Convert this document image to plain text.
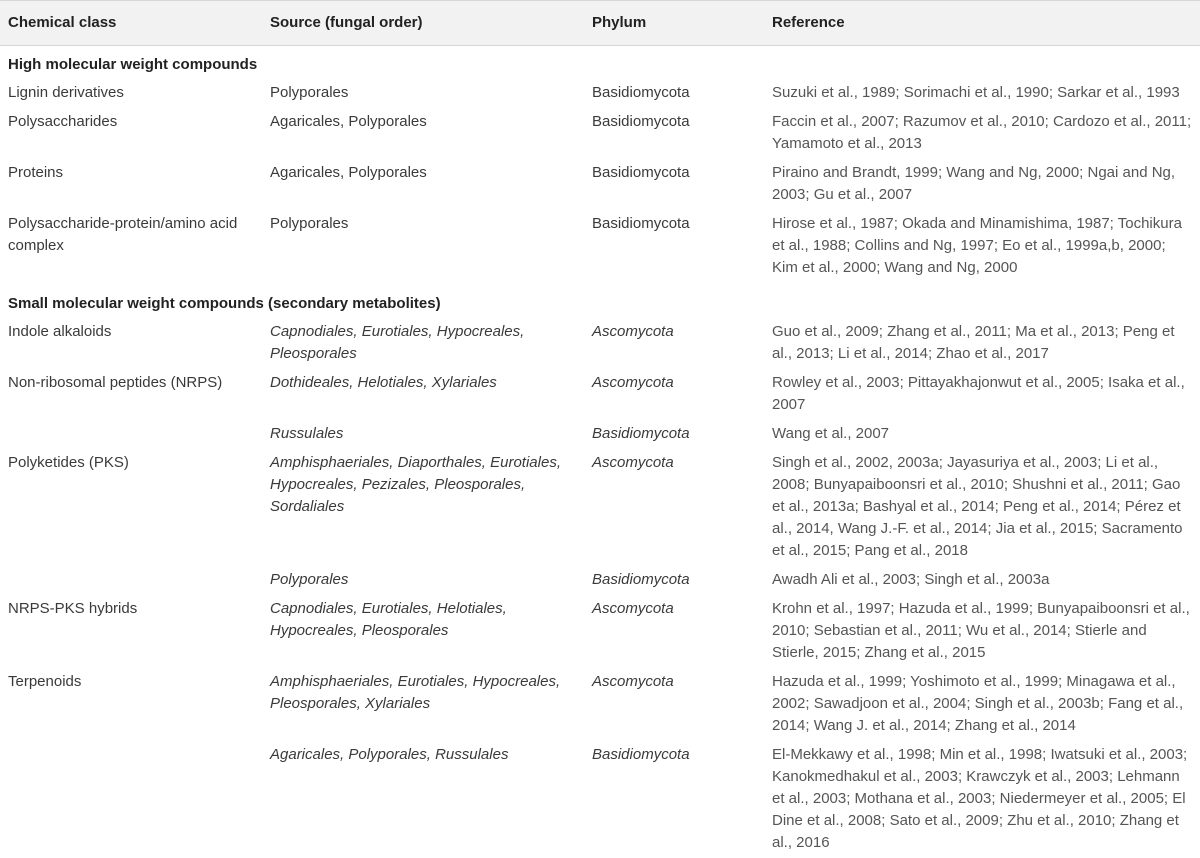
Chemical class	Source (fungal order)	Phylum	Reference
High molecular weight compounds			
Lignin derivatives	Polyporales	Basidiomycota	Suzuki et al., 1989; Sorimachi et al., 1990; Sarkar et al., 1993
Polysaccharides	Agaricales, Polyporales	Basidiomycota	Faccin et al., 2007; Razumov et al., 2010; Cardozo et al., 2011; Yamamoto et al., 2013
Proteins	Agaricales, Polyporales	Basidiomycota	Piraino and Brandt, 1999; Wang and Ng, 2000; Ngai and Ng, 2003; Gu et al., 2007
Polysaccharide-protein/amino acid complex	Polyporales	Basidiomycota	Hirose et al., 1987; Okada and Minamishima, 1987; Tochikura et al., 1988; Collins and Ng, 1997; Eo et al., 1999a,b, 2000; Kim et al., 2000; Wang and Ng, 2000
Small molecular weight compounds (secondary metabolites)			
Indole alkaloids	Capnodiales, Eurotiales, Hypocreales, Pleosporales	Ascomycota	Guo et al., 2009; Zhang et al., 2011; Ma et al., 2013; Peng et al., 2013; Li et al., 2014; Zhao et al., 2017
Non-ribosomal peptides (NRPS)	Dothideales, Helotiales, Xylariales	Ascomycota	Rowley et al., 2003; Pittayakhajonwut et al., 2005; Isaka et al., 2007
	Russulales	Basidiomycota	Wang et al., 2007
Polyketides (PKS)	Amphisphaeriales, Diaporthales, Eurotiales, Hypocreales, Pezizales, Pleosporales, Sordaliales	Ascomycota	Singh et al., 2002, 2003a; Jayasuriya et al., 2003; Li et al., 2008; Bunyapaiboonsri et al., 2010; Shushni et al., 2011; Gao et al., 2013a; Bashyal et al., 2014; Peng et al., 2014; Pérez et al., 2014, Wang J.-F. et al., 2014; Jia et al., 2015; Sacramento et al., 2015; Pang et al., 2018
	Polyporales	Basidiomycota	Awadh Ali et al., 2003; Singh et al., 2003a
NRPS-PKS hybrids	Capnodiales, Eurotiales, Helotiales, Hypocreales, Pleosporales	Ascomycota	Krohn et al., 1997; Hazuda et al., 1999; Bunyapaiboonsri et al., 2010; Sebastian et al., 2011; Wu et al., 2014; Stierle and Stierle, 2015; Zhang et al., 2015
Terpenoids	Amphisphaeriales, Eurotiales, Hypocreales, Pleosporales, Xylariales	Ascomycota	Hazuda et al., 1999; Yoshimoto et al., 1999; Minagawa et al., 2002; Sawadjoon et al., 2004; Singh et al., 2003b; Fang et al., 2014; Wang J. et al., 2014; Zhang et al., 2014
	Agaricales, Polyporales, Russulales	Basidiomycota	El-Mekkawy et al., 1998; Min et al., 1998; Iwatsuki et al., 2003; Kanokmedhakul et al., 2003; Krawczyk et al., 2003; Lehmann et al., 2003; Mothana et al., 2003; Niedermeyer et al., 2005; El Dine et al., 2008; Sato et al., 2009; Zhu et al., 2010; Zhang et al., 2016
